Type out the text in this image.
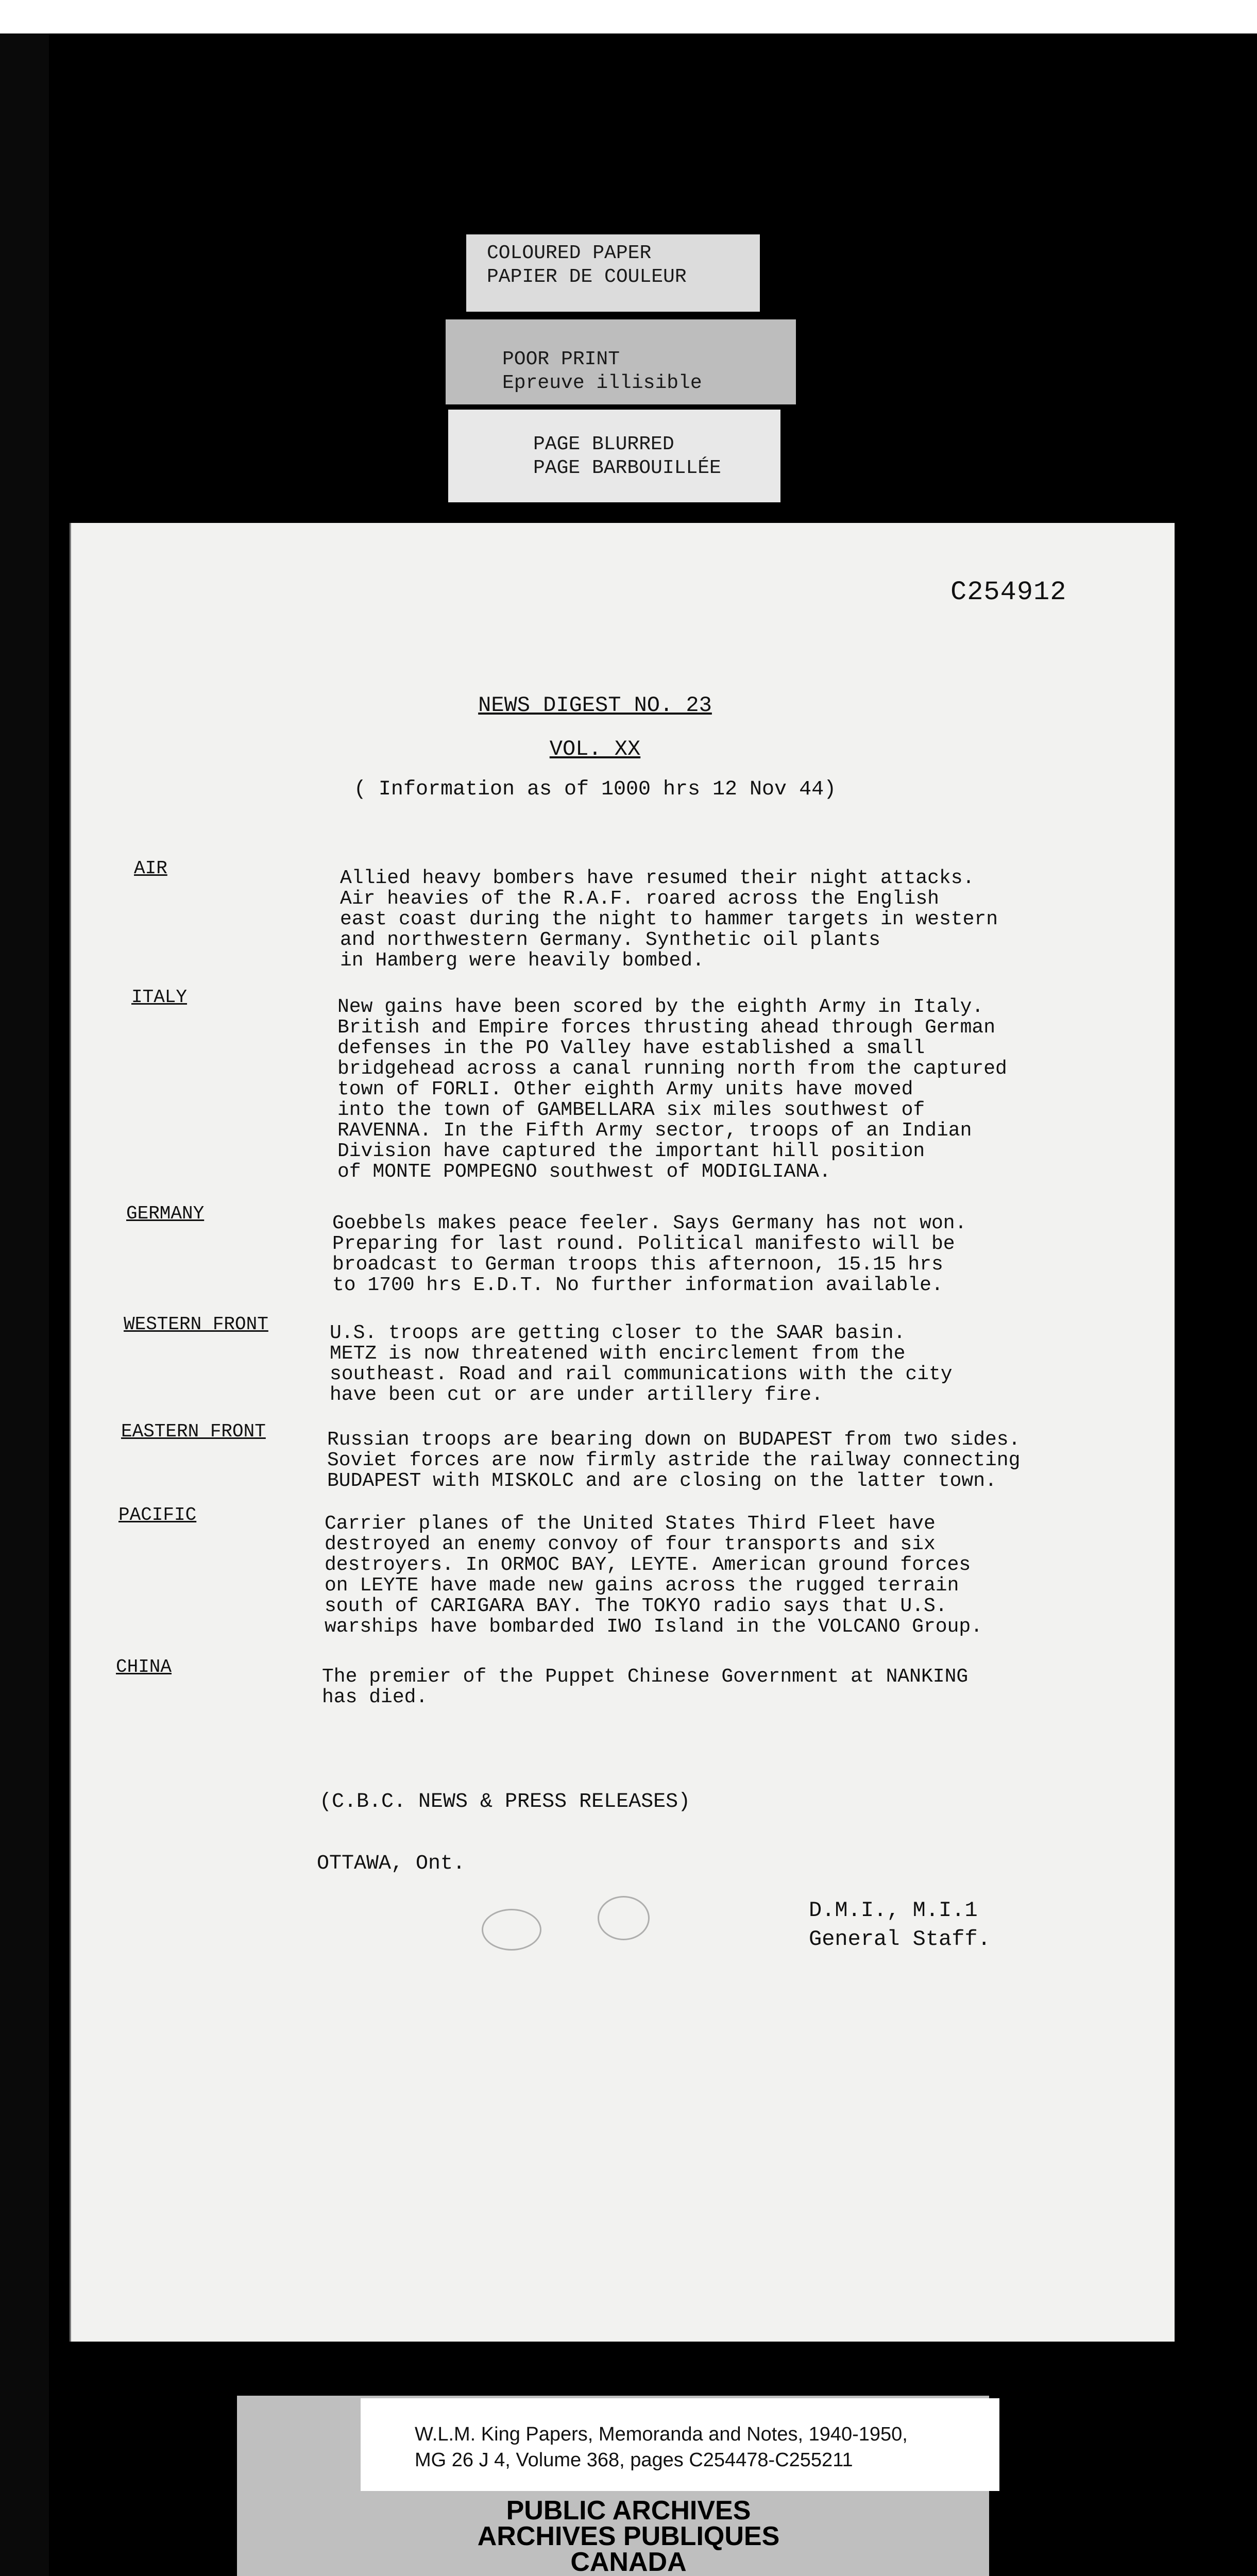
COLOURED PAPER
PAPIER DE COULEUR
POOR PRINT
Epreuve illisible
PAGE BLURRED
PAGE BARBOUILLÉE
C254912
NEWS DIGEST NO. 23
VOL. XX
( Information as of 1000 hrs 12 Nov 44)
AIR	Allied heavy bombers have resumed their night attacks.
Air heavies of the R.A.F. roared across the English
east coast during the night to hammer targets in western
and northwestern Germany. Synthetic oil plants
in Hamberg were heavily bombed.
ITALY	New gains have been scored by the eighth Army in Italy.
British and Empire forces thrusting ahead through German
defenses in the PO Valley have established a small
bridgehead across a canal running north from the captured
town of FORLI. Other eighth Army units have moved
into the town of GAMBELLARA six miles southwest of
RAVENNA. In the Fifth Army sector, troops of an Indian
Division have captured the important hill position
of MONTE POMPEGNO southwest of MODIGLIANA.
GERMANY	Goebbels makes peace feeler. Says Germany has not won.
Preparing for last round. Political manifesto will be
broadcast to German troops this afternoon, 15.15 hrs
to 1700 hrs E.D.T. No further information available.
WESTERN FRONT	U.S. troops are getting closer to the SAAR basin.
METZ is now threatened with encirclement from the
southeast. Road and rail communications with the city
have been cut or are under artillery fire.
EASTERN FRONT	Russian troops are bearing down on BUDAPEST from two sides.
Soviet forces are now firmly astride the railway connecting
BUDAPEST with MISKOLC and are closing on the latter town.
PACIFIC	Carrier planes of the United States Third Fleet have
destroyed an enemy convoy of four transports and six
destroyers. In ORMOC BAY, LEYTE. American ground forces
on LEYTE have made new gains across the rugged terrain
south of CARIGARA BAY. The TOKYO radio says that U.S.
warships have bombarded IWO Island in the VOLCANO Group.
CHINA	The premier of the Puppet Chinese Government at NANKING
has died.
(C.B.C. NEWS & PRESS RELEASES)
OTTAWA, Ont.
D.M.I., M.I.1
General Staff.
W.L.M. King Papers, Memoranda and Notes, 1940-1950,
MG 26 J 4, Volume 368, pages C254478-C255211
PUBLIC ARCHIVES
ARCHIVES PUBLIQUES
CANADA
